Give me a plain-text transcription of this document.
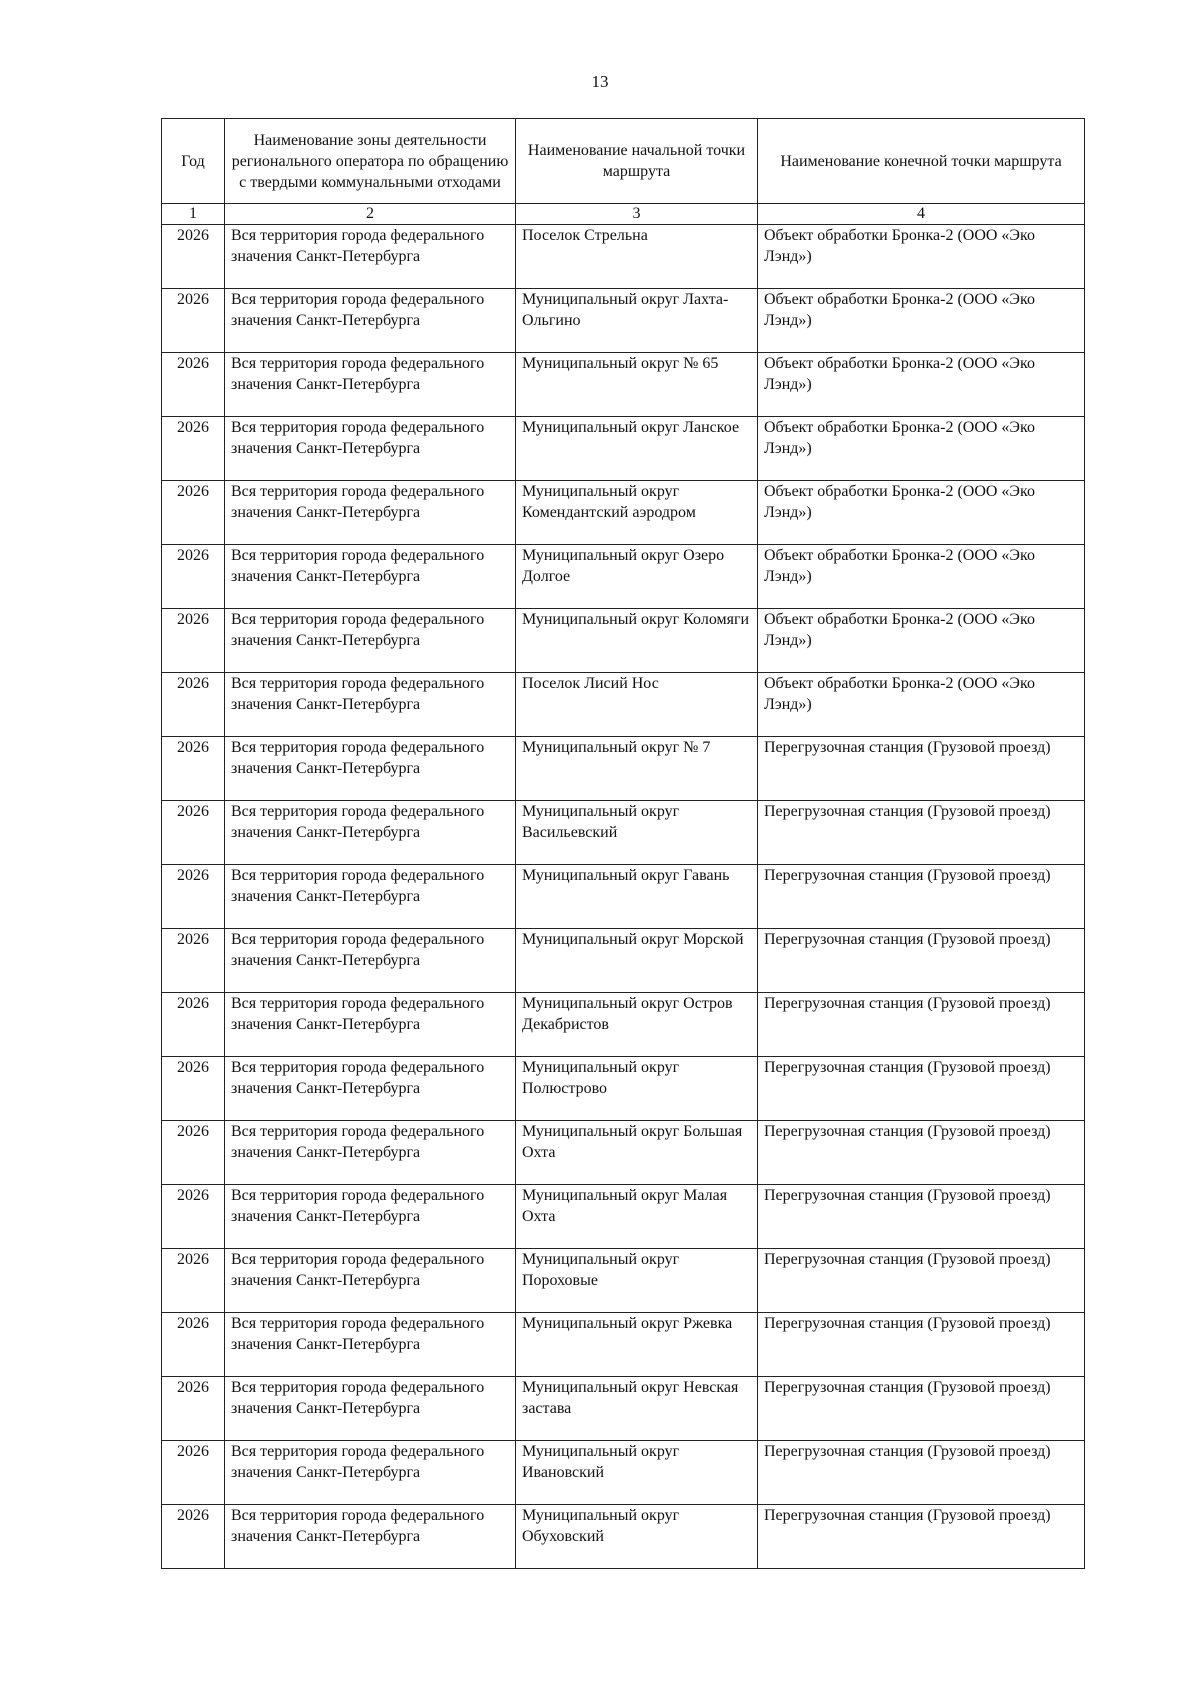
13
Год	Наименование зоны деятельности регионального оператора по обращению с твердыми коммунальными отходами	Наименование начальной точки маршрута	Наименование конечной точки маршрута
1	2	3	4
2026	Вся территория города федерального значения Санкт-Петербурга	Поселок Стрельна	Объект обработки Бронка-2 (ООО «Эко Лэнд»)
2026	Вся территория города федерального значения Санкт-Петербурга	Муниципальный округ Лахта-Ольгино	Объект обработки Бронка-2 (ООО «Эко Лэнд»)
2026	Вся территория города федерального значения Санкт-Петербурга	Муниципальный округ № 65	Объект обработки Бронка-2 (ООО «Эко Лэнд»)
2026	Вся территория города федерального значения Санкт-Петербурга	Муниципальный округ Ланское	Объект обработки Бронка-2 (ООО «Эко Лэнд»)
2026	Вся территория города федерального значения Санкт-Петербурга	Муниципальный округ Комендантский аэродром	Объект обработки Бронка-2 (ООО «Эко Лэнд»)
2026	Вся территория города федерального значения Санкт-Петербурга	Муниципальный округ Озеро Долгое	Объект обработки Бронка-2 (ООО «Эко Лэнд»)
2026	Вся территория города федерального значения Санкт-Петербурга	Муниципальный округ Коломяги	Объект обработки Бронка-2 (ООО «Эко Лэнд»)
2026	Вся территория города федерального значения Санкт-Петербурга	Поселок Лисий Нос	Объект обработки Бронка-2 (ООО «Эко Лэнд»)
2026	Вся территория города федерального значения Санкт-Петербурга	Муниципальный округ № 7	Перегрузочная станция (Грузовой проезд)
2026	Вся территория города федерального значения Санкт-Петербурга	Муниципальный округ Васильевский	Перегрузочная станция (Грузовой проезд)
2026	Вся территория города федерального значения Санкт-Петербурга	Муниципальный округ Гавань	Перегрузочная станция (Грузовой проезд)
2026	Вся территория города федерального значения Санкт-Петербурга	Муниципальный округ Морской	Перегрузочная станция (Грузовой проезд)
2026	Вся территория города федерального значения Санкт-Петербурга	Муниципальный округ Остров Декабристов	Перегрузочная станция (Грузовой проезд)
2026	Вся территория города федерального значения Санкт-Петербурга	Муниципальный округ Полюстрово	Перегрузочная станция (Грузовой проезд)
2026	Вся территория города федерального значения Санкт-Петербурга	Муниципальный округ Большая Охта	Перегрузочная станция (Грузовой проезд)
2026	Вся территория города федерального значения Санкт-Петербурга	Муниципальный округ Малая Охта	Перегрузочная станция (Грузовой проезд)
2026	Вся территория города федерального значения Санкт-Петербурга	Муниципальный округ Пороховые	Перегрузочная станция (Грузовой проезд)
2026	Вся территория города федерального значения Санкт-Петербурга	Муниципальный округ Ржевка	Перегрузочная станция (Грузовой проезд)
2026	Вся территория города федерального значения Санкт-Петербурга	Муниципальный округ Невская застава	Перегрузочная станция (Грузовой проезд)
2026	Вся территория города федерального значения Санкт-Петербурга	Муниципальный округ Ивановский	Перегрузочная станция (Грузовой проезд)
2026	Вся территория города федерального значения Санкт-Петербурга	Муниципальный округ Обуховский	Перегрузочная станция (Грузовой проезд)
